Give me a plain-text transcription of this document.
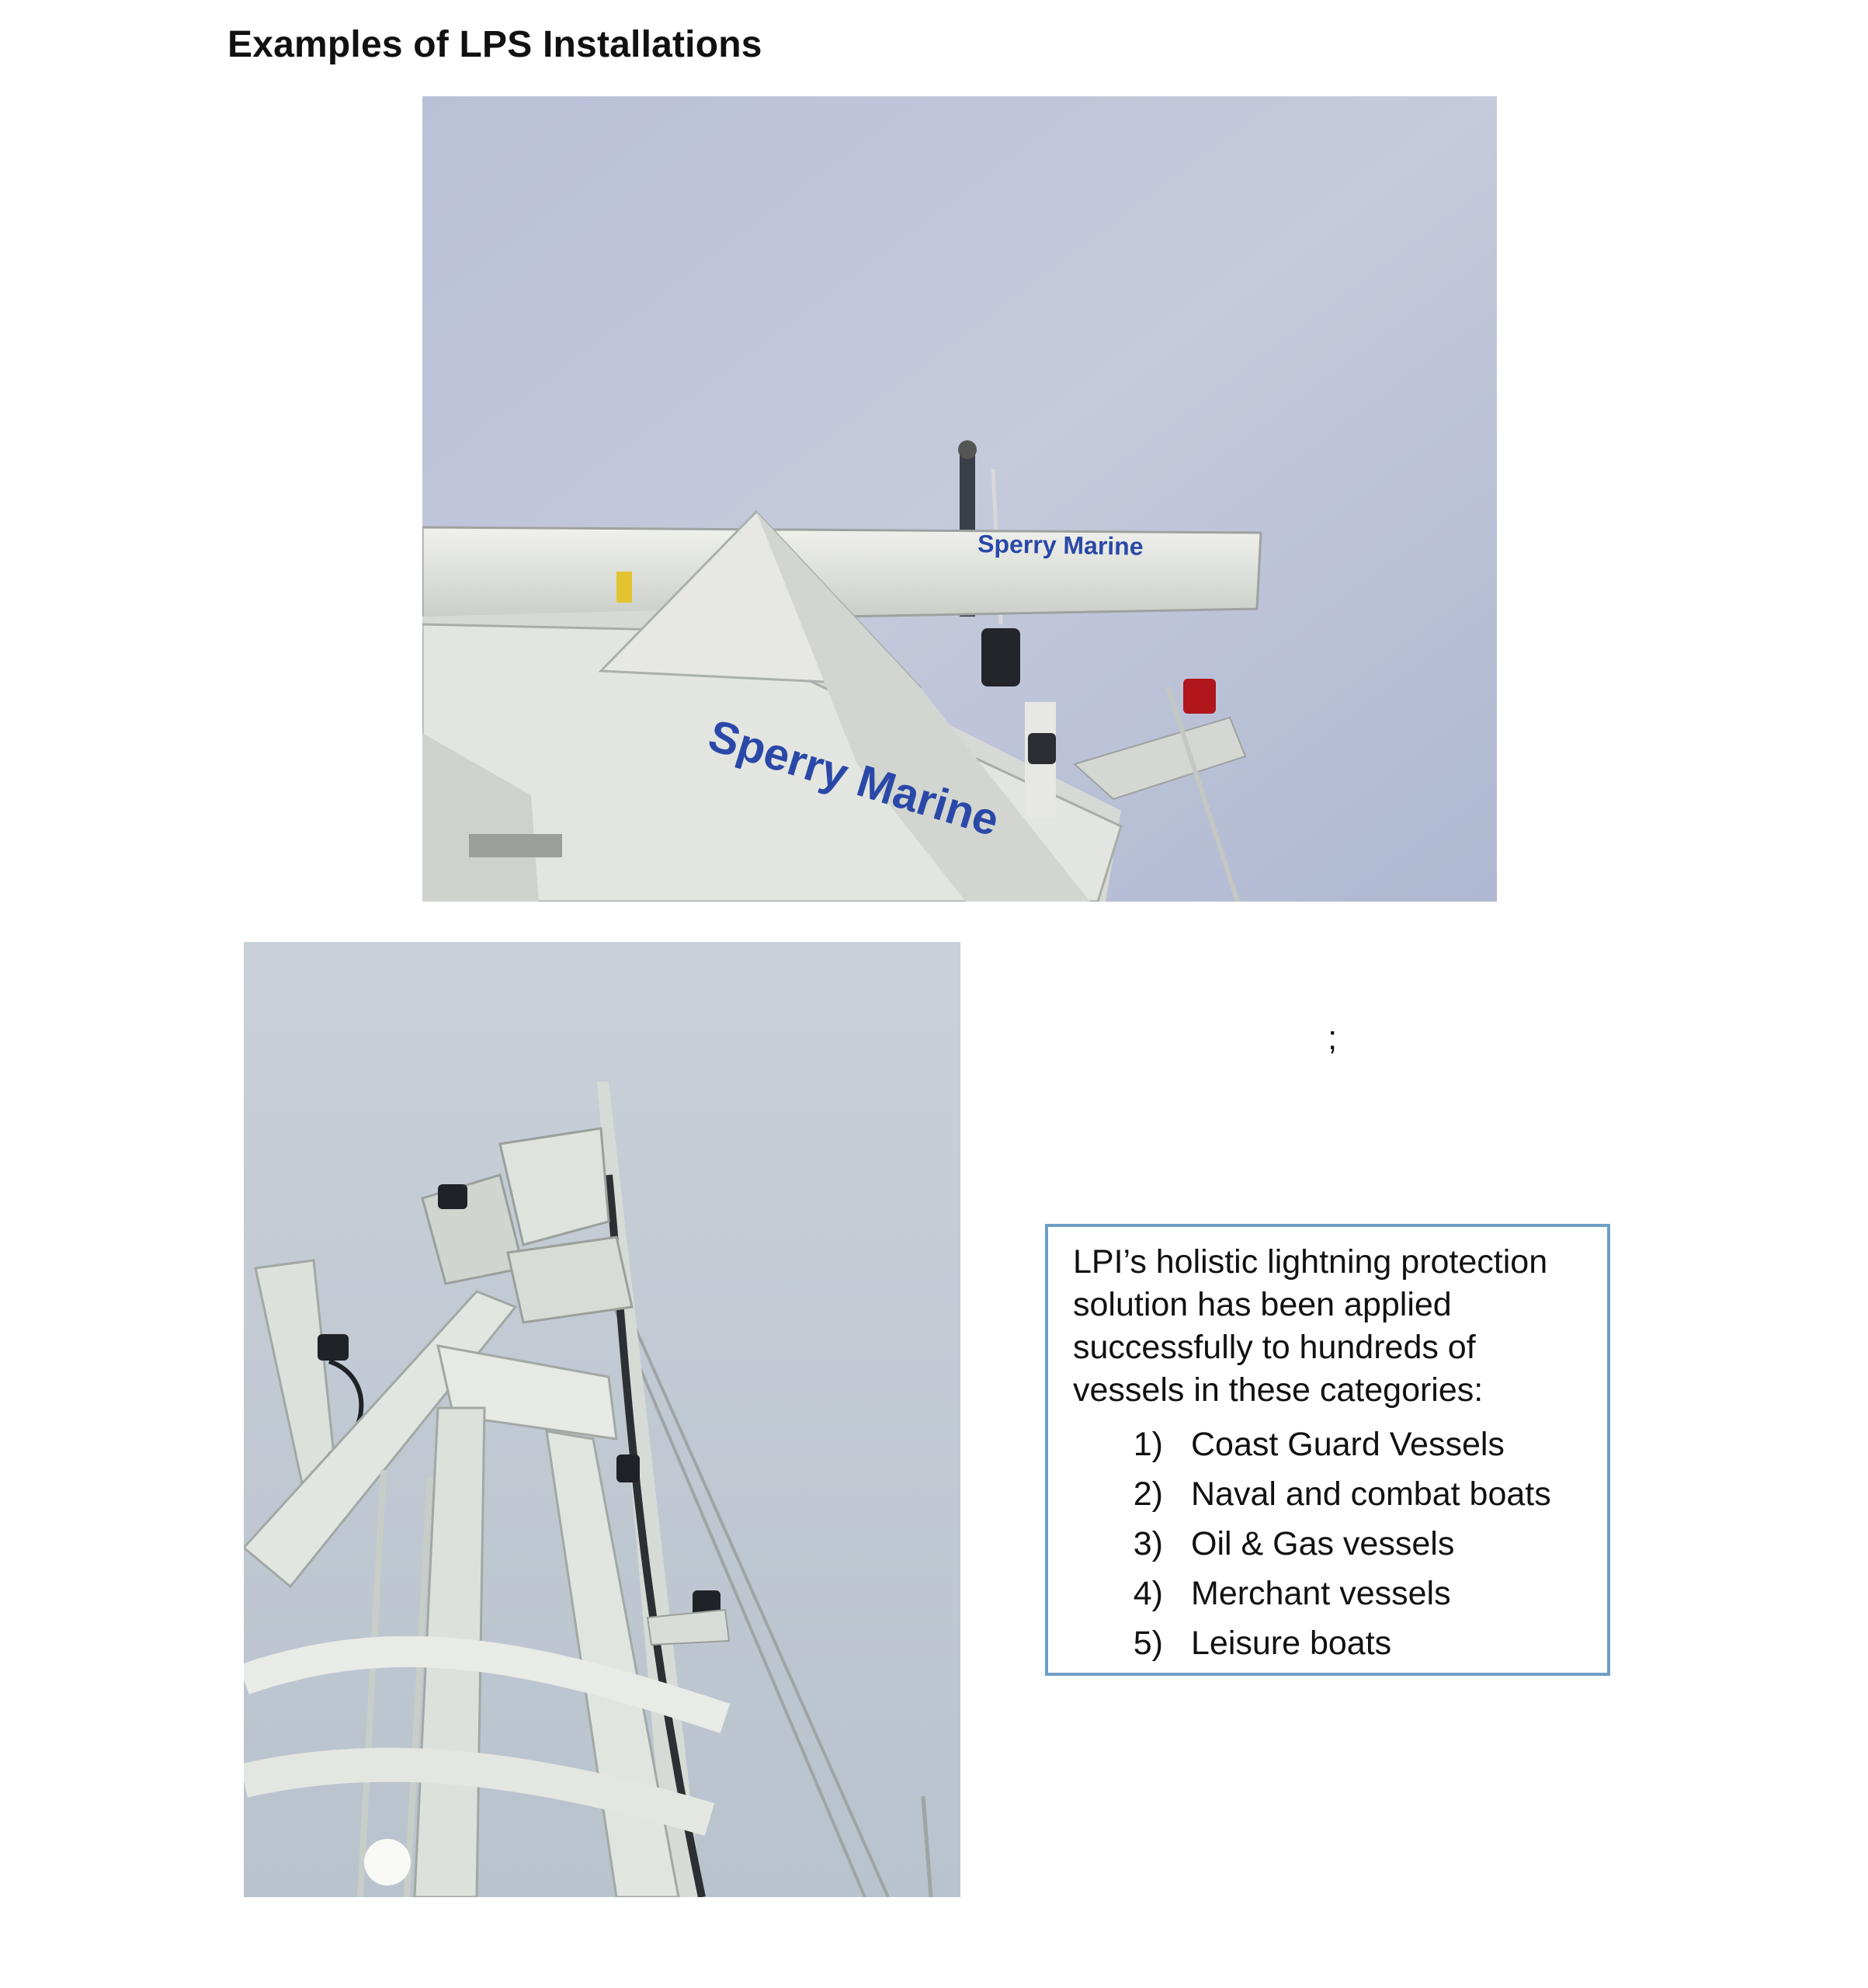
Examples of LPS Installations
Sperry Marine
Sperry Marine
;

LPI’s holistic lightning protection
solution has been applied
successfully to hundreds of
vessels in these categories:

1) Coast Guard Vessels
2) Naval and combat boats
3) Oil & Gas vessels
4) Merchant vessels
5) Leisure boats
